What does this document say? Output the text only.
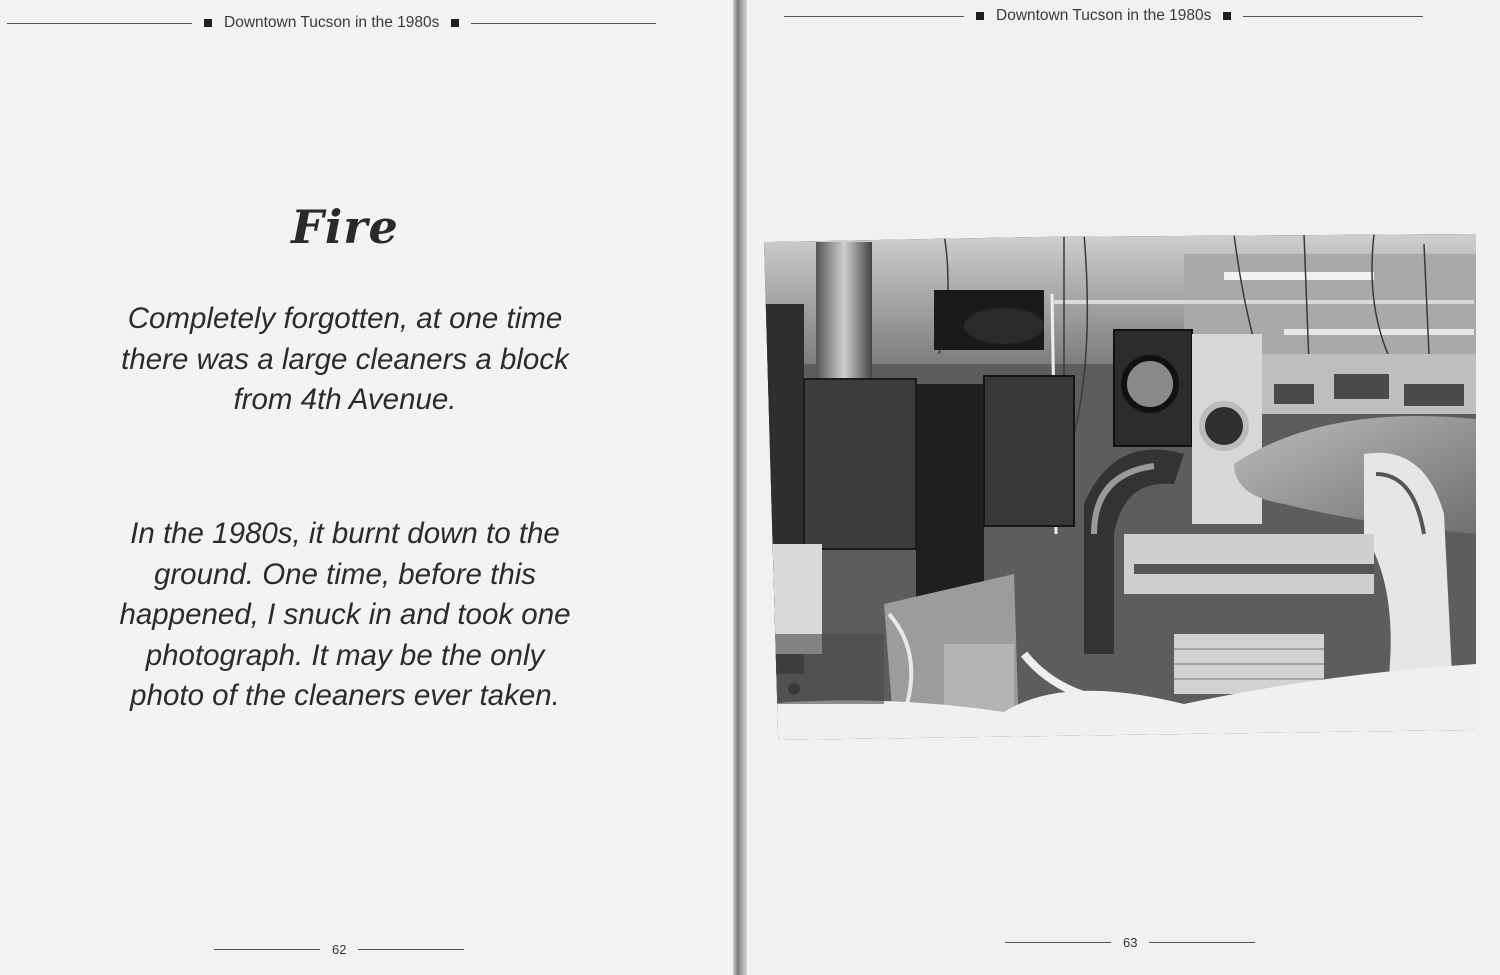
Downtown Tucson in the 1980s
Fire

Completely forgotten, at one time there was a large cleaners a block from 4th Avenue.

In the 1980s, it burnt down to the ground. One time, before this happened, I snuck in and took one photograph. It may be the only photo of the cleaners ever taken.

62
Downtown Tucson in the 1980s
63
